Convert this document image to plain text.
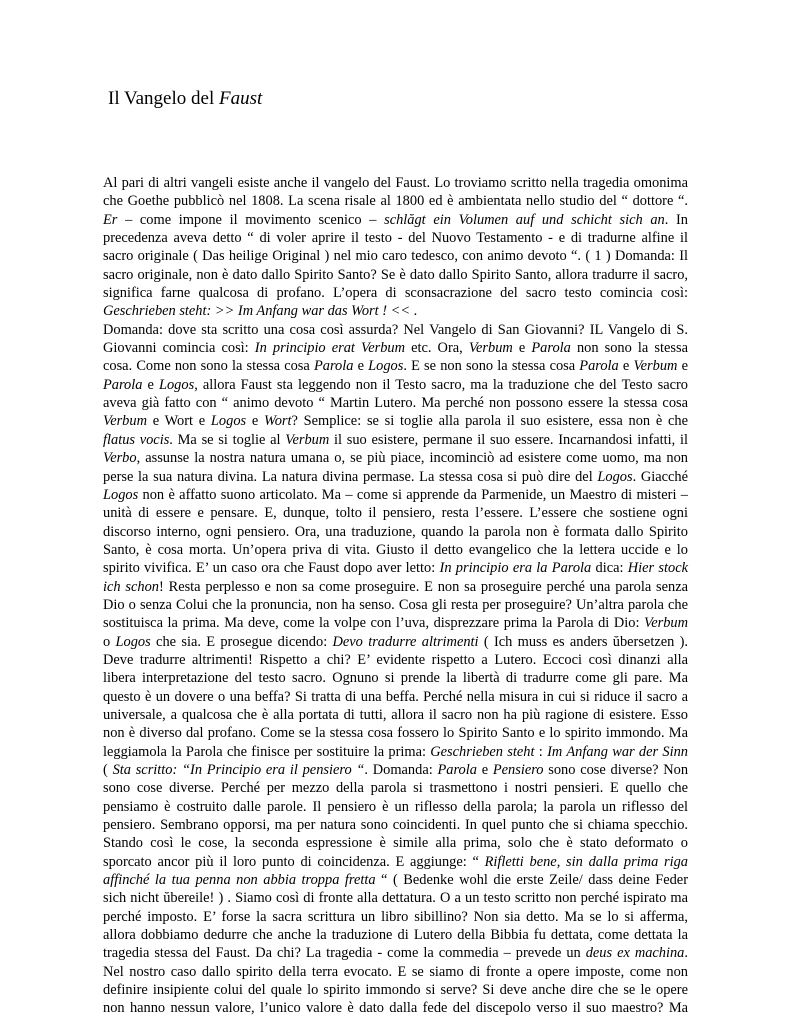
Il Vangelo del Faust
Al pari di altri vangeli esiste anche il vangelo del Faust. Lo troviamo scritto nella tragedia omonima
che Goethe pubblicò nel 1808. La scena risale al 1800 ed è ambientata nello studio del “ dottore “.
Er – come impone il movimento scenico – schlăgt ein Volumen auf und schicht sich an. In
precedenza aveva detto “ di voler aprire il testo - del Nuovo Testamento - e di tradurne alfine il
sacro originale ( Das heilige Original ) nel mio caro tedesco, con animo devoto “. ( 1 ) Domanda: Il
sacro originale, non è dato dallo Spirito Santo? Se è dato dallo Spirito Santo, allora tradurre il sacro,
significa farne qualcosa di profano. L’opera di sconsacrazione del sacro testo comincia così:
Geschrieben steht: >> Im Anfang war das Wort ! << .
Domanda: dove sta scritto una cosa così assurda? Nel Vangelo di San Giovanni? IL Vangelo di S.
Giovanni comincia così: In principio erat Verbum etc. Ora, Verbum e Parola non sono la stessa
cosa. Come non sono la stessa cosa Parola e Logos. E se non sono la stessa cosa Parola e Verbum e
Parola e Logos, allora Faust sta leggendo non il Testo sacro, ma la traduzione che del Testo sacro
aveva già fatto con “ animo devoto “ Martin Lutero. Ma perché non possono essere la stessa cosa
Verbum e Wort e Logos e Wort? Semplice: se si toglie alla parola il suo esistere, essa non è che
flatus vocis. Ma se si toglie al Verbum il suo esistere, permane il suo essere. Incarnandosi infatti, il
Verbo, assunse la nostra natura umana o, se più piace, incominciò ad esistere come uomo, ma non
perse la sua natura divina. La natura divina permase. La stessa cosa si può dire del Logos. Giacché
Logos non è affatto suono articolato. Ma – come si apprende da Parmenide, un Maestro di misteri –
unità di essere e pensare. E, dunque, tolto il pensiero, resta l’essere. L’essere che sostiene ogni
discorso interno, ogni pensiero. Ora, una traduzione, quando la parola non è formata dallo Spirito
Santo, è cosa morta. Un’opera priva di vita. Giusto il detto evangelico che la lettera uccide e lo
spirito vivifica. E’ un caso ora che Faust dopo aver letto: In principio era la Parola dica: Hier stock
ich schon! Resta perplesso e non sa come proseguire. E non sa proseguire perché una parola senza
Dio o senza Colui che la pronuncia, non ha senso. Cosa gli resta per proseguire? Un’altra parola che
sostituisca la prima. Ma deve, come la volpe con l’uva, disprezzare prima la Parola di Dio: Verbum
o Logos che sia. E prosegue dicendo: Devo tradurre altrimenti ( Ich muss es anders ŭbersetzen ).
Deve tradurre altrimenti! Rispetto a chi? E’ evidente rispetto a Lutero. Eccoci così dinanzi alla
libera interpretazione del testo sacro. Ognuno si prende la libertà di tradurre come gli pare. Ma
questo è un dovere o una beffa? Si tratta di una beffa. Perché nella misura in cui si riduce il sacro a
universale, a qualcosa che è alla portata di tutti, allora il sacro non ha più ragione di esistere. Esso
non è diverso dal profano. Come se la stessa cosa fossero lo Spirito Santo e lo spirito immondo. Ma
leggiamola la Parola che finisce per sostituire la prima: Geschrieben steht : Im Anfang war der Sinn
( Sta scritto: “In Principio era il pensiero “. Domanda: Parola e Pensiero sono cose diverse? Non
sono cose diverse. Perché per mezzo della parola si trasmettono i nostri pensieri. E quello che
pensiamo è costruito dalle parole. Il pensiero è un riflesso della parola; la parola un riflesso del
pensiero. Sembrano opporsi, ma per natura sono coincidenti. In quel punto che si chiama specchio.
Stando così le cose, la seconda espressione è simile alla prima, solo che è stato deformato o
sporcato ancor più il loro punto di coincidenza. E aggiunge: “ Rifletti bene, sin dalla prima riga
affinché la tua penna non abbia troppa fretta “ ( Bedenke wohl die erste Zeile/ dass deine Feder
sich nicht ŭbereile! ) . Siamo così di fronte alla dettatura. O a un testo scritto non perché ispirato ma
perché imposto. E’ forse la sacra scrittura un libro sibillino? Non sia detto. Ma se lo si afferma,
allora dobbiamo dedurre che anche la traduzione di Lutero della Bibbia fu dettata, come dettata la
tragedia stessa del Faust. Da chi? La tragedia - come la commedia – prevede un deus ex machina.
Nel nostro caso dallo spirito della terra evocato. E se siamo di fronte a opere imposte, come non
definire insipiente colui del quale lo spirito immondo si serve? Si deve anche dire che se le opere
non hanno nessun valore, l’unico valore è dato dalla fede del discepolo verso il suo maestro? Ma
